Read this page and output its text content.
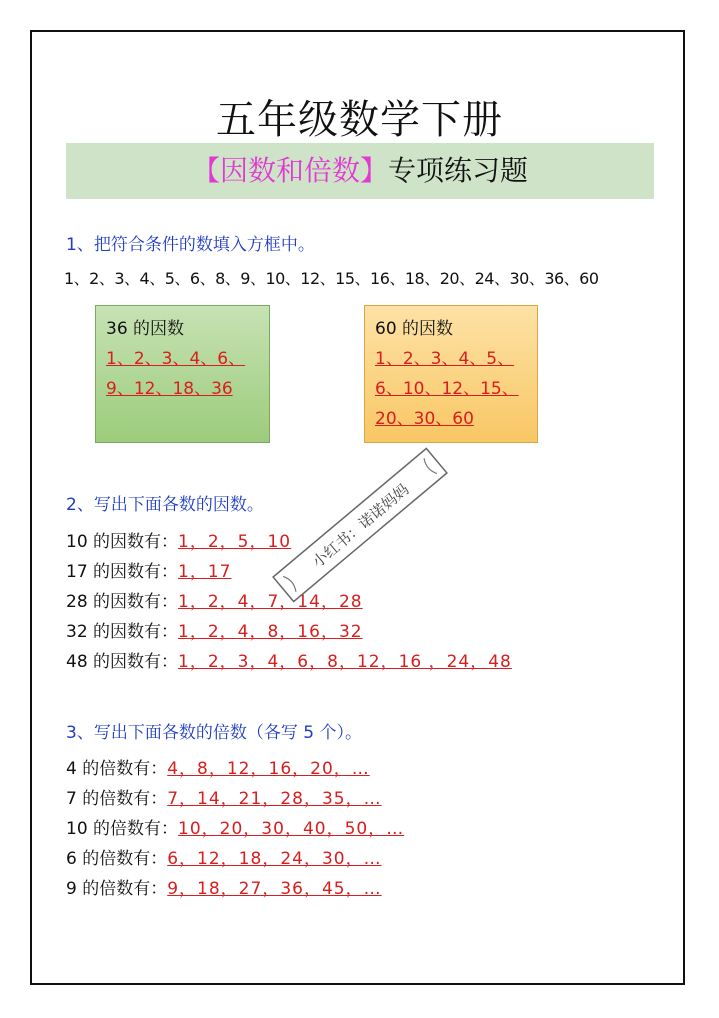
五年级数学下册
【因数和倍数】专项练习题
1、把符合条件的数填入方框中。
1、2、3、4、5、6、8、9、10、12、15、16、18、20、24、30、36、60
36 的因数
1、2、3、4、6、
9、12、18、36
60 的因数
1、2、3、4、5、
6、10、12、15、
20、30、60
2、写出下面各数的因数。
10 的因数有：1，2，5，10
17 的因数有：1，17
28 的因数有：1，2，4，7，14，28
32 的因数有：1，2，4，8，16，32
48 的因数有：1，2，3，4，6，8，12，16 ，24，48
3、写出下面各数的倍数（各写 5 个）。
4 的倍数有：4，8，12，16，20，…
7 的倍数有：7，14，21，28，35，…
10 的倍数有：10，20，30，40，50，…
6 的倍数有：6，12，18，24，30，…
9 的倍数有：9，18，27，36，45，…
小红书：诺诺妈妈
